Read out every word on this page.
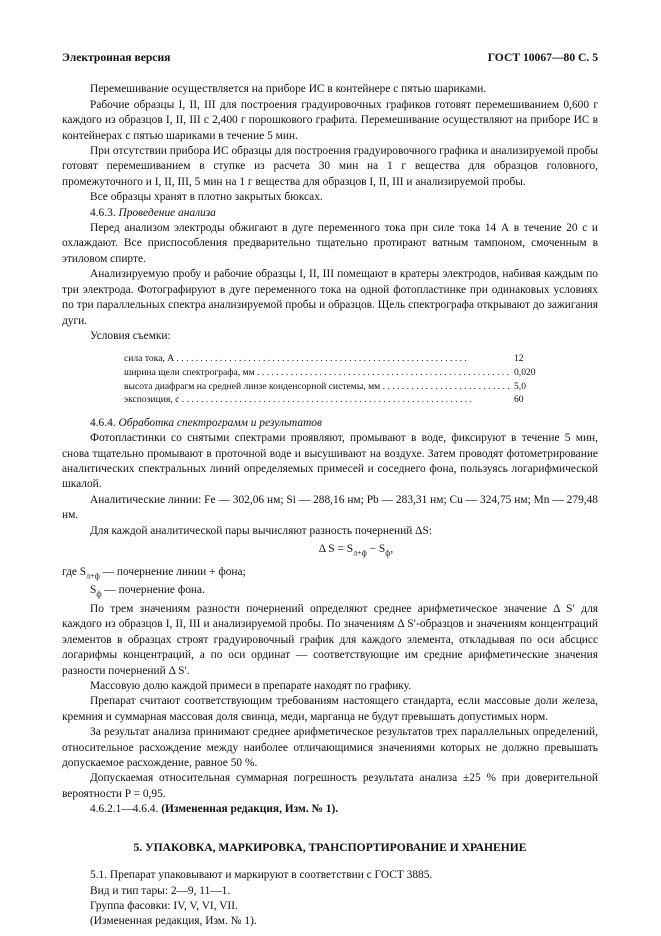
Электронная версия	ГОСТ 10067—80 С. 5

Перемешивание осуществляется на приборе ИС в контейнере с пятью шариками.

Рабочие образцы I, II, III для построения градуировочных графиков готовят перемешиванием 0,600 г каждого из образцов I, II, III с 2,400 г порошкового графита. Перемешивание осуществляют на приборе ИС в контейнерах с пятью шариками в течение 5 мин.

При отсутствии прибора ИС образцы для построения градуировочного графика и анализируемой пробы готовят перемешиванием в ступке из расчета 30 мин на 1 г вещества для образцов головного, промежуточного и I, II, III, 5 мин на 1 г вещества для образцов I, II, III и анализируемой пробы.

Все образцы хранят в плотно закрытых бюксах.

4.6.3. Проведение анализа

Перед анализом электроды обжигают в дуге переменного тока при силе тока 14 А в течение 20 с и охлаждают. Все приспособления предварительно тщательно протирают ватным тампоном, смоченным в этиловом спирте.

Анализируемую пробу и рабочие образцы I, II, III помещают в кратеры электродов, набивая каждым по три электрода. Фотографируют в дуге переменного тока на одной фотопластинке при одинаковых условиях по три параллельных спектра анализируемой пробы и образцов. Щель спектрографа открывают до зажигания дуги.

Условия съемки:

сила тока, А . . .	12
ширина щели спектрографа, мм . . .	0,020
высота диафрагм на средней линзе конденсорной системы, мм . . .	5,0
экспозиция, с . . .	60

4.6.4. Обработка спектрограмм и результатов

Фотопластинки со снятыми спектрами проявляют, промывают в воде, фиксируют в течение 5 мин, снова тщательно промывают в проточной воде и высушивают на воздухе. Затем проводят фотометрирование аналитических спектральных линий определяемых примесей и соседнего фона, пользуясь логарифмической шкалой.

Аналитические линии: Fe — 302,06 нм; Si — 288,16 нм; Pb — 283,31 нм; Cu — 324,75 нм; Mn — 279,48 нм.

Для каждой аналитической пары вычисляют разность почернений ΔS:

Δ $S = S_{л+ф} - S_ф$,

где $S_{л+ф}$ — почернение линии + фона;

$S_ф$ — почернение фона.

По трем значениям разности почернений определяют среднее арифметическое значение Δ S′ для каждого из образцов I, II, III и анализируемой пробы. По значениям Δ S′-образцов и значениям концентраций элементов в образцах строят градуировочный график для каждого элемента, откладывая по оси абсцисс логарифмы концентраций, а по оси ординат — соответствующие им средние арифметические значения разности почернений Δ S′.

Массовую долю каждой примеси в препарате находят по графику.

Препарат считают соответствующим требованиям настоящего стандарта, если массовые доли железа, кремния и суммарная массовая доля свинца, меди, марганца не будут превышать допустимых норм.

За результат анализа принимают среднее арифметическое результатов трех параллельных определений, относительное расхождение между наиболее отличающимися значениями которых не должно превышать допускаемое расхождение, равное 50 %.

Допускаемая относительная суммарная погрешность результата анализа ±25 % при доверительной вероятности P = 0,95.

4.6.2.1—4.6.4. (Измененная редакция, Изм. № 1).

5. УПАКОВКА, МАРКИРОВКА, ТРАНСПОРТИРОВАНИЕ И ХРАНЕНИЕ

5.1. Препарат упаковывают и маркируют в соответствии с ГОСТ 3885.

Вид и тип тары: 2—9, 11—1.

Группа фасовки: IV, V, VI, VII.

(Измененная редакция, Изм. № 1).
